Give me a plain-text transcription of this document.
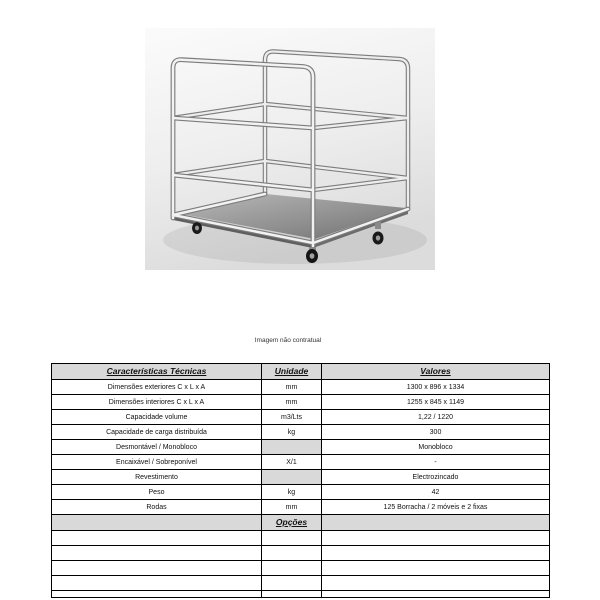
Imagem não contratual
Características Técnicas	Unidade	Valores
Dimensões exteriores C x L x A	mm	1300 x 896 x 1334
Dimensões interiores C x L x A	mm	1255 x 845 x 1149
Capacidade volume	m3/Lts	1,22 / 1220
Capacidade de carga distribuída	kg	300
Desmontável / Monobloco		Monobloco
Encaixável / Sobreponível	X/1	-
Revestimento		Electrozincado
Peso	kg	42
Rodas	mm	125 Borracha / 2 móveis e 2 fixas
	Opções	
